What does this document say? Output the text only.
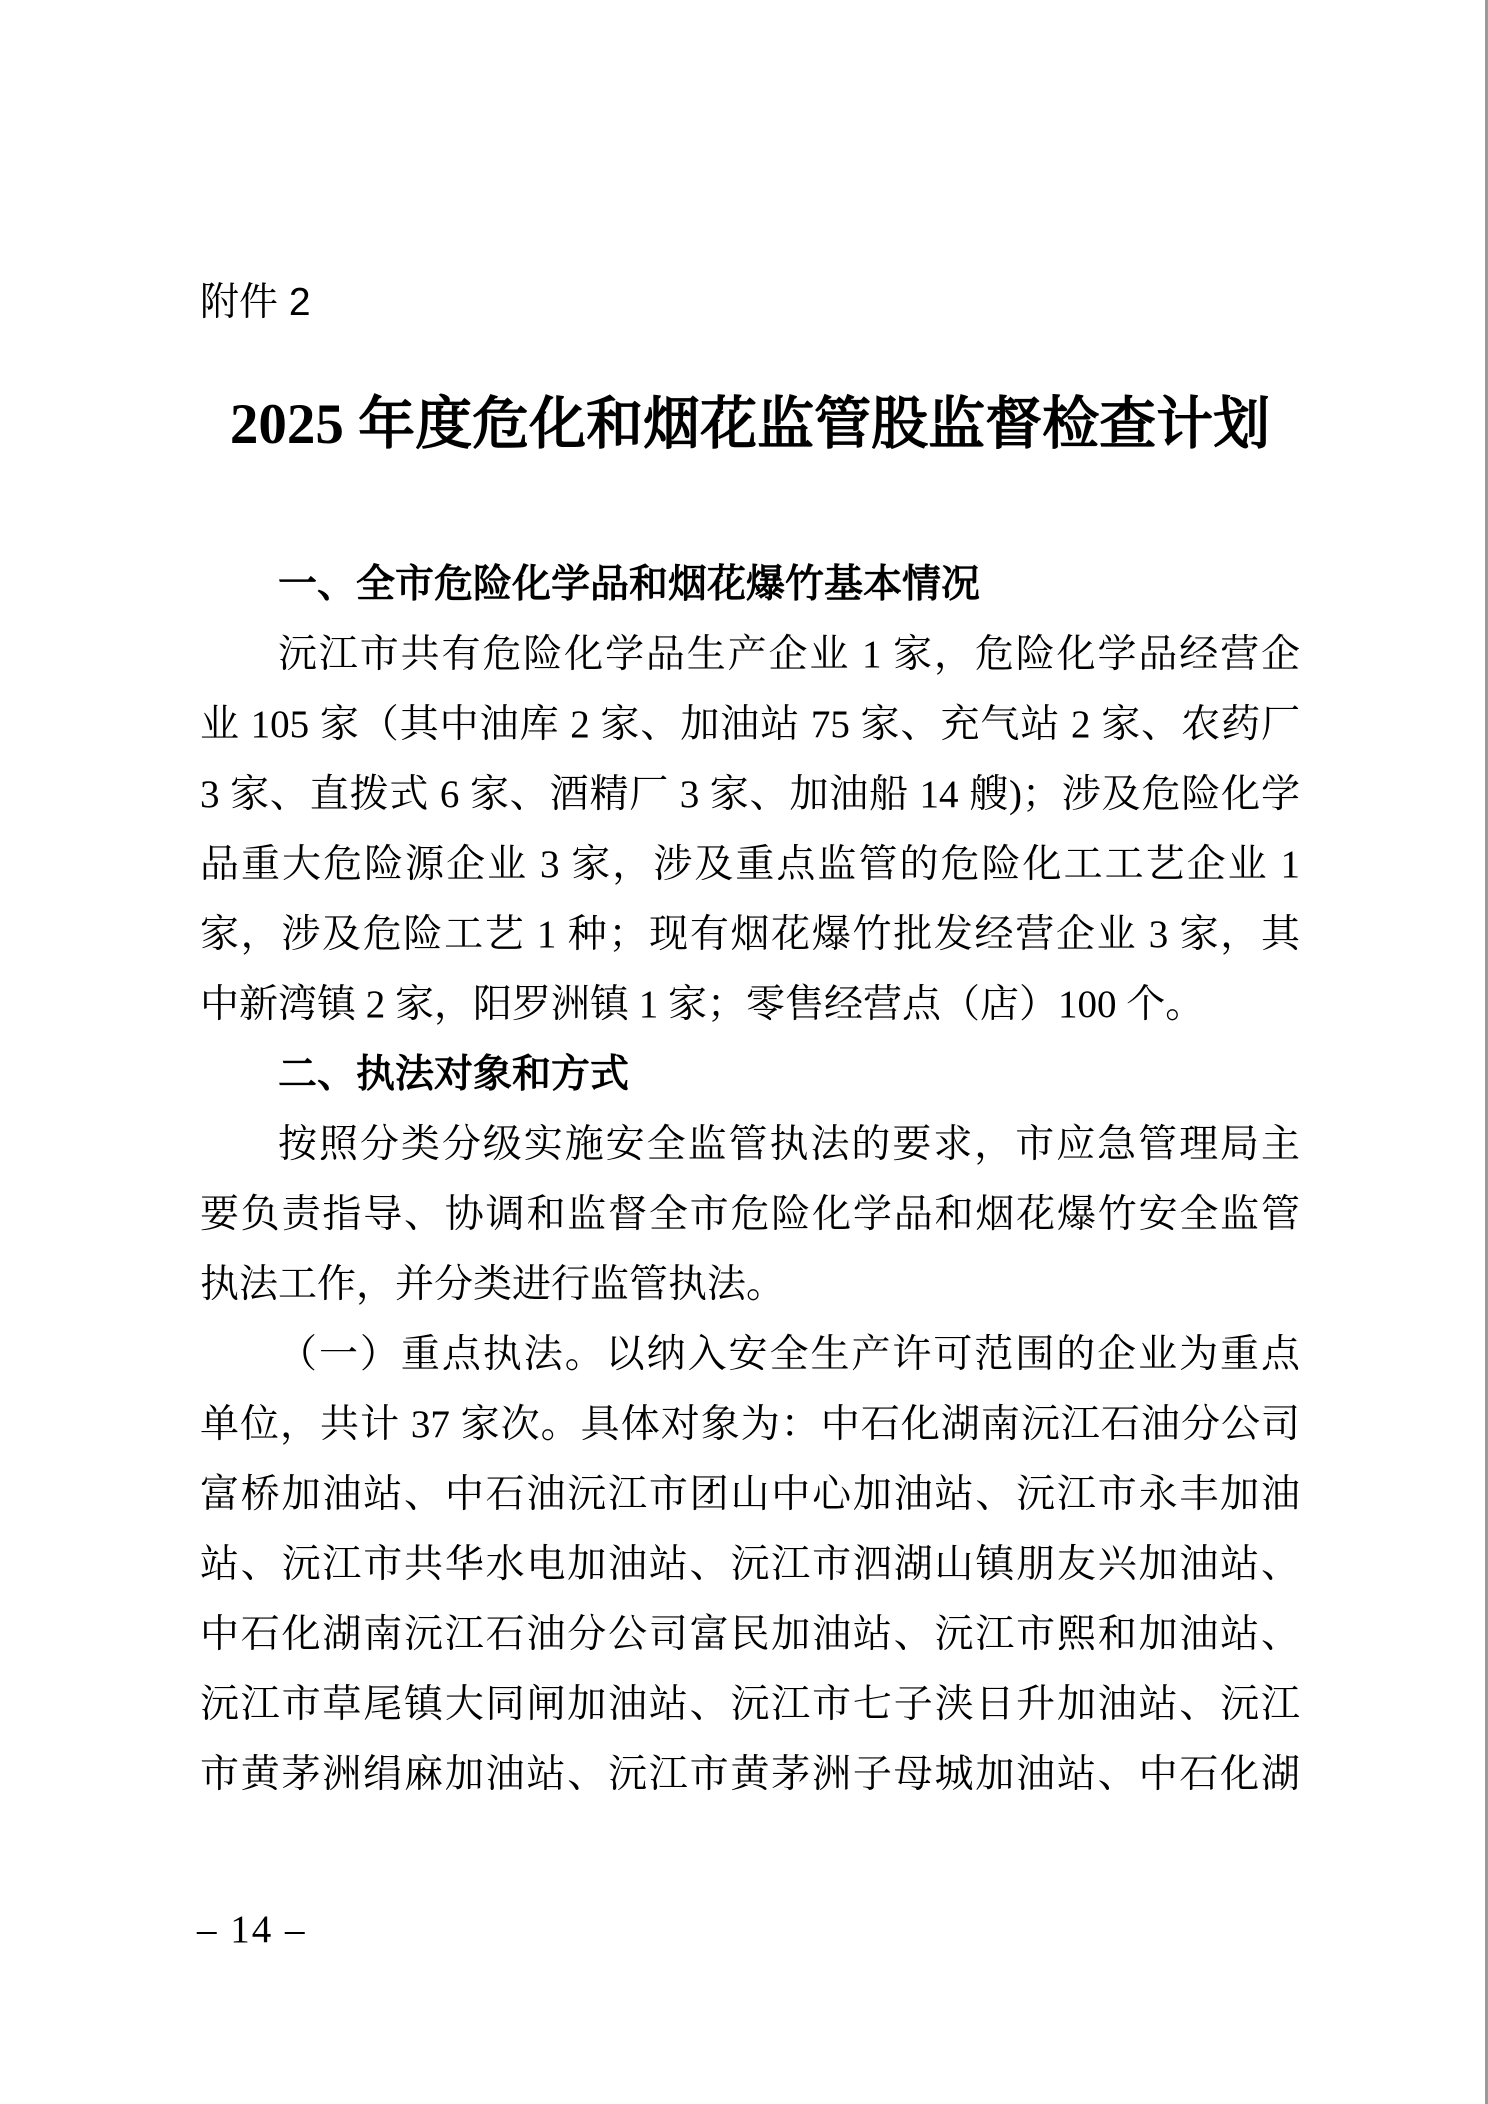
附件 2
2025 年度危化和烟花监管股监督检查计划
一、全市危险化学品和烟花爆竹基本情况
沅江市共有危险化学品生产企业 1 家，危险化学品经营企
业 105 家（其中油库 2 家、加油站 75 家、充气站 2 家、农药厂
3 家、直拨式 6 家、酒精厂 3 家、加油船 14 艘)；涉及危险化学
品重大危险源企业 3 家，涉及重点监管的危险化工工艺企业 1
家，涉及危险工艺 1 种；现有烟花爆竹批发经营企业 3 家，其
中新湾镇 2 家，阳罗洲镇 1 家；零售经营点（店）100 个。
二、执法对象和方式
按照分类分级实施安全监管执法的要求，市应急管理局主
要负责指导、协调和监督全市危险化学品和烟花爆竹安全监管
执法工作，并分类进行监管执法。
（一）重点执法。以纳入安全生产许可范围的企业为重点
单位，共计 37 家次。具体对象为：中石化湖南沅江石油分公司
富桥加油站、中石油沅江市团山中心加油站、沅江市永丰加油
站、沅江市共华水电加油站、沅江市泗湖山镇朋友兴加油站、
中石化湖南沅江石油分公司富民加油站、沅江市熙和加油站、
沅江市草尾镇大同闸加油站、沅江市七子浃日升加油站、沅江
市黄茅洲绢麻加油站、沅江市黄茅洲子母城加油站、中石化湖
– 14 –
